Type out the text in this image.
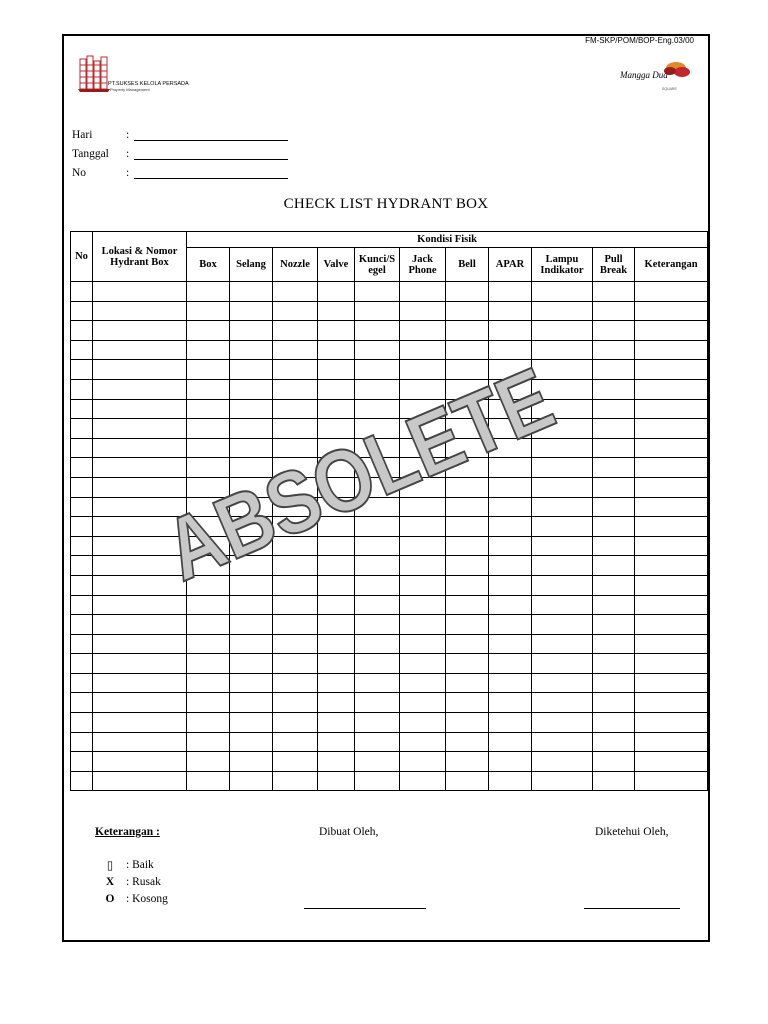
FM-SKP/POM/BOP-Eng.03/00
PT.SUKSES KELOLA PERSADA
Property Management
Mangga Dua
SQUARE
Hari	:
Tanggal	:
No	:
CHECK LIST HYDRANT BOX
No	Lokasi & Nomor Hydrant Box	Kondisi Fisik										
		Box	Selang	Nozzle	Valve	Kunci/S egel	Jack Phone	Bell	APAR	Lampu Indikator	Pull Break	Keterangan

Keterangan :	Dibuat Oleh,	Diketehui Oleh,
▯	: Baik
X	: Rusak
O	: Kosong
ABSOLETE
